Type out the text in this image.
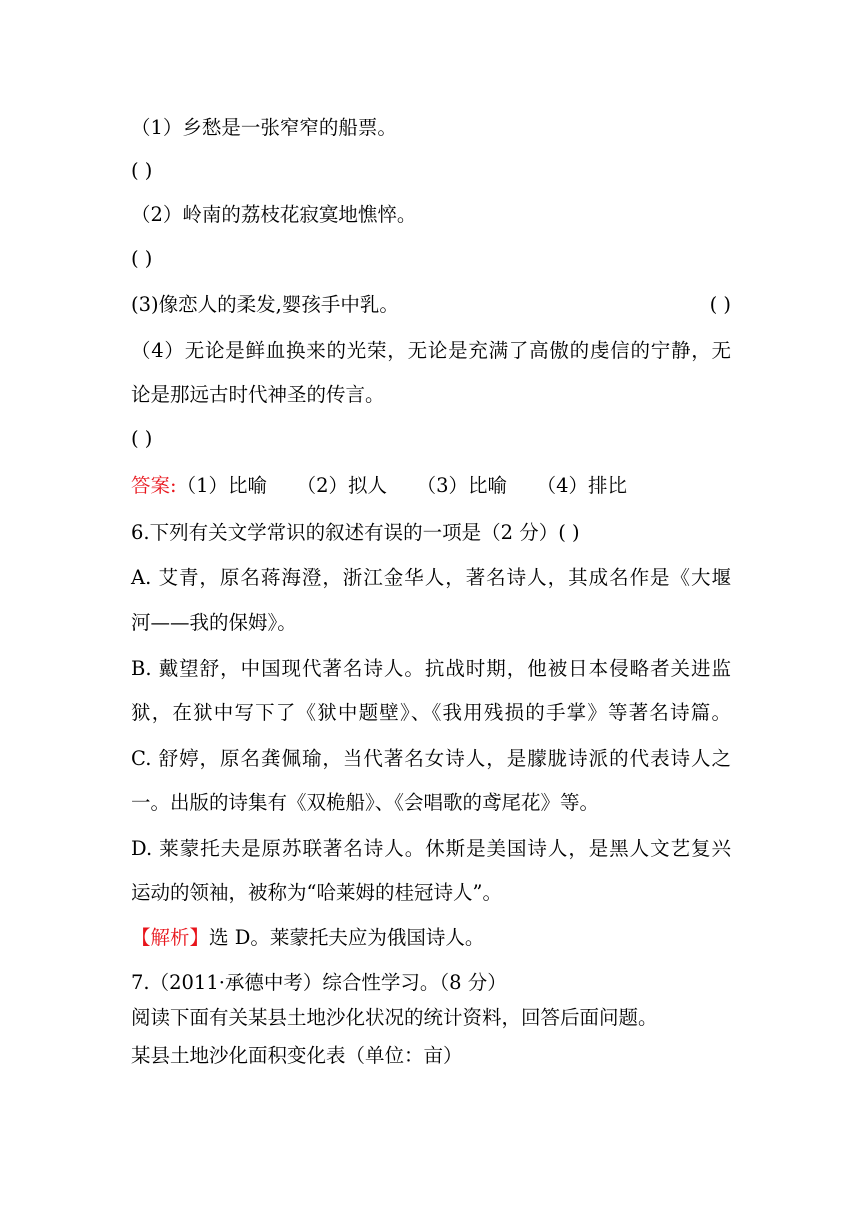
（1）乡愁是一张窄窄的船票。
( )
（2）岭南的荔枝花寂寞地憔悴。
( )
(3)像恋人的柔发,婴孩手中乳。	( )
（4）无论是鲜血换来的光荣，无论是充满了高傲的虔信的宁静，无
论是那远古时代神圣的传言。
( )
答案:（1）比喻 （2）拟人 （3）比喻 （4）排比
6.下列有关文学常识的叙述有误的一项是（2 分）( )
A. 艾青，原名蒋海澄，浙江金华人，著名诗人，其成名作是《大堰
河——我的保姆》。
B. 戴望舒，中国现代著名诗人。抗战时期，他被日本侵略者关进监
狱，在狱中写下了《狱中题壁》、《我用残损的手掌》等著名诗篇。
C. 舒婷，原名龚佩瑜，当代著名女诗人，是朦胧诗派的代表诗人之
一。出版的诗集有《双桅船》、《会唱歌的鸢尾花》等。
D. 莱蒙托夫是原苏联著名诗人。休斯是美国诗人，是黑人文艺复兴
运动的领袖，被称为“哈莱姆的桂冠诗人”。
【解析】选 D。莱蒙托夫应为俄国诗人。
7.（2011·承德中考）综合性学习。（8 分）
阅读下面有关某县土地沙化状况的统计资料，回答后面问题。
某县土地沙化面积变化表（单位：亩）
